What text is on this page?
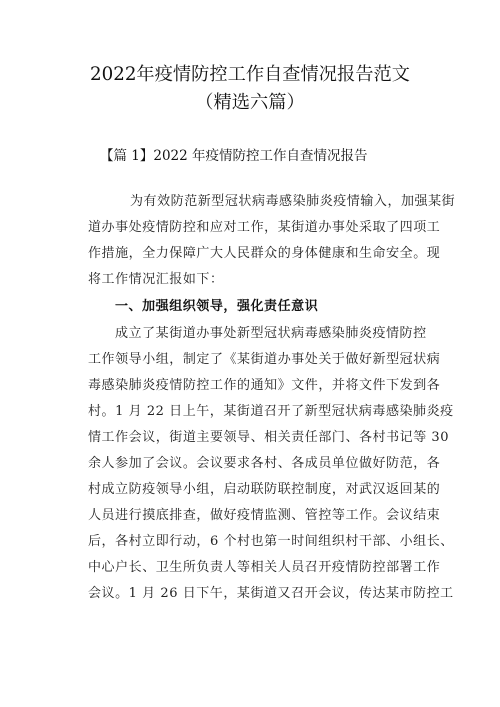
2022年疫情防控工作自查情况报告范文
（精选六篇）
【篇 1】2022 年疫情防控工作自查情况报告
为有效防范新型冠状病毒感染肺炎疫情输入，加强某街
道办事处疫情防控和应对工作，某街道办事处采取了四项工
作措施，全力保障广大人民群众的身体健康和生命安全。现
将工作情况汇报如下：
一、加强组织领导，强化责任意识
成立了某街道办事处新型冠状病毒感染肺炎疫情防控
工作领导小组，制定了《某街道办事处关于做好新型冠状病
毒感染肺炎疫情防控工作的通知》文件，并将文件下发到各
村。1 月 22 日上午，某街道召开了新型冠状病毒感染肺炎疫
情工作会议，街道主要领导、相关责任部门、各村书记等 30
余人参加了会议。会议要求各村、各成员单位做好防范，各
村成立防疫领导小组，启动联防联控制度，对武汉返回某的
人员进行摸底排查，做好疫情监测、管控等工作。会议结束
后，各村立即行动，6 个村也第一时间组织村干部、小组长、
中心户长、卫生所负责人等相关人员召开疫情防控部署工作
会议。1 月 26 日下午，某街道又召开会议，传达某市防控工
